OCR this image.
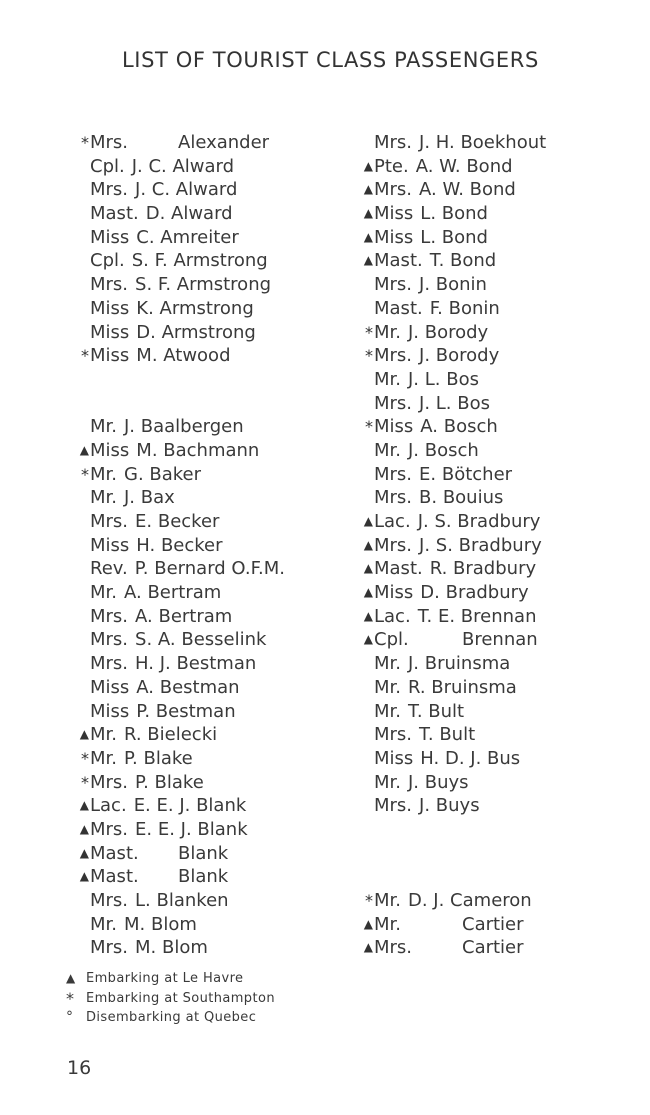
LIST OF TOURIST CLASS PASSENGERS
* Mrs.	Alexander
Cpl. J. C. Alward
Mrs. J. C. Alward
Mast. D. Alward
Miss C. Amreiter
Cpl. S. F. Armstrong
Mrs. S. F. Armstrong
Miss K. Armstrong
Miss D. Armstrong
* Miss M. Atwood
Mr. J. Baalbergen
▲ Miss M. Bachmann
* Mr. G. Baker
Mr. J. Bax
Mrs. E. Becker
Miss H. Becker
Rev. P. Bernard O.F.M.
Mr. A. Bertram
Mrs. A. Bertram
Mrs. S. A. Besselink
Mrs. H. J. Bestman
Miss A. Bestman
Miss P. Bestman
▲ Mr. R. Bielecki
* Mr. P. Blake
* Mrs. P. Blake
▲ Lac. E. E. J. Blank
▲ Mrs. E. E. J. Blank
▲ Mast.	Blank
▲ Mast.	Blank
Mrs. L. Blanken
Mr. M. Blom
Mrs. M. Blom
Mrs. J. H. Boekhout
▲ Pte. A. W. Bond
▲ Mrs. A. W. Bond
▲ Miss L. Bond
▲ Miss L. Bond
▲ Mast. T. Bond
Mrs. J. Bonin
Mast. F. Bonin
* Mr. J. Borody
* Mrs. J. Borody
Mr. J. L. Bos
Mrs. J. L. Bos
* Miss A. Bosch
Mr. J. Bosch
Mrs. E. Bötcher
Mrs. B. Bouius
▲ Lac. J. S. Bradbury
▲ Mrs. J. S. Bradbury
▲ Mast. R. Bradbury
▲ Miss D. Bradbury
▲ Lac. T. E. Brennan
▲ Cpl.	Brennan
Mr. J. Bruinsma
Mr. R. Bruinsma
Mr. T. Bult
Mrs. T. Bult
Miss H. D. J. Bus
Mr. J. Buys
Mrs. J. Buys
* Mr. D. J. Cameron
▲ Mr.	Cartier
▲ Mrs.	Cartier
▲ Embarking at Le Havre
* Embarking at Southampton
° Disembarking at Quebec
16
